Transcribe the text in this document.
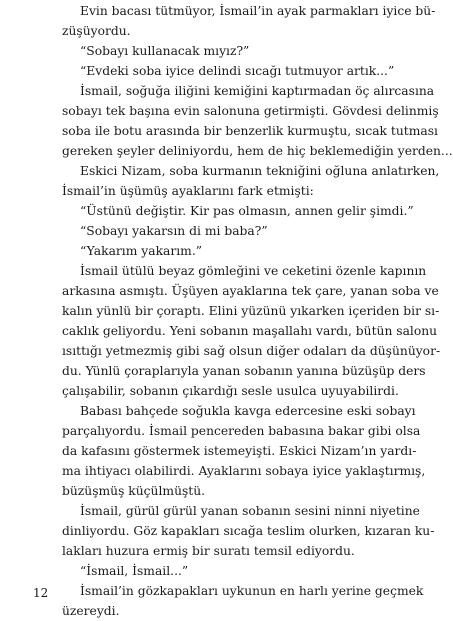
Evin bacası tütmüyor, İsmail’in ayak parmakları iyice bü-
züşüyordu.
“Sobayı kullanacak mıyız?”
“Evdeki soba iyice delindi sıcağı tutmuyor artık...”
İsmail, soğuğa iliğini kemiğini kaptırmadan öç alırcasına
sobayı tek başına evin salonuna getirmişti. Gövdesi delinmiş
soba ile botu arasında bir benzerlik kurmuştu, sıcak tutması
gereken şeyler deliniyordu, hem de hiç beklemediğin yerden...
Eskici Nizam, soba kurmanın tekniğini oğluna anlatırken,
İsmail’in üşümüş ayaklarını fark etmişti:
“Üstünü değiştir. Kir pas olmasın, annen gelir şimdi.”
“Sobayı yakarsın di mi baba?”
“Yakarım yakarım.”
İsmail ütülü beyaz gömleğini ve ceketini özenle kapının
arkasına asmıştı. Üşüyen ayaklarına tek çare, yanan soba ve
kalın yünlü bir çoraptı. Elini yüzünü yıkarken içeriden bir sı-
caklık geliyordu. Yeni sobanın maşallahı vardı, bütün salonu
ısıttığı yetmezmiş gibi sağ olsun diğer odaları da düşünüyor-
du. Yünlü çoraplarıyla yanan sobanın yanına büzüşüp ders
çalışabilir, sobanın çıkardığı sesle usulca uyuyabilirdi.
Babası bahçede soğukla kavga edercesine eski sobayı
parçalıyordu. İsmail pencereden babasına bakar gibi olsa
da kafasını göstermek istemeyişti. Eskici Nizam’ın yardı-
ma ihtiyacı olabilirdi. Ayaklarını sobaya iyice yaklaştırmış,
büzüşmüş küçülmüştü.
İsmail, gürül gürül yanan sobanın sesini ninni niyetine
dinliyordu. Göz kapakları sıcağa teslim olurken, kızaran ku-
lakları huzura ermiş bir suratı temsil ediyordu.
“İsmail, İsmail...”
İsmail’in gözkapakları uykunun en harlı yerine geçmek
üzereydi.
12
